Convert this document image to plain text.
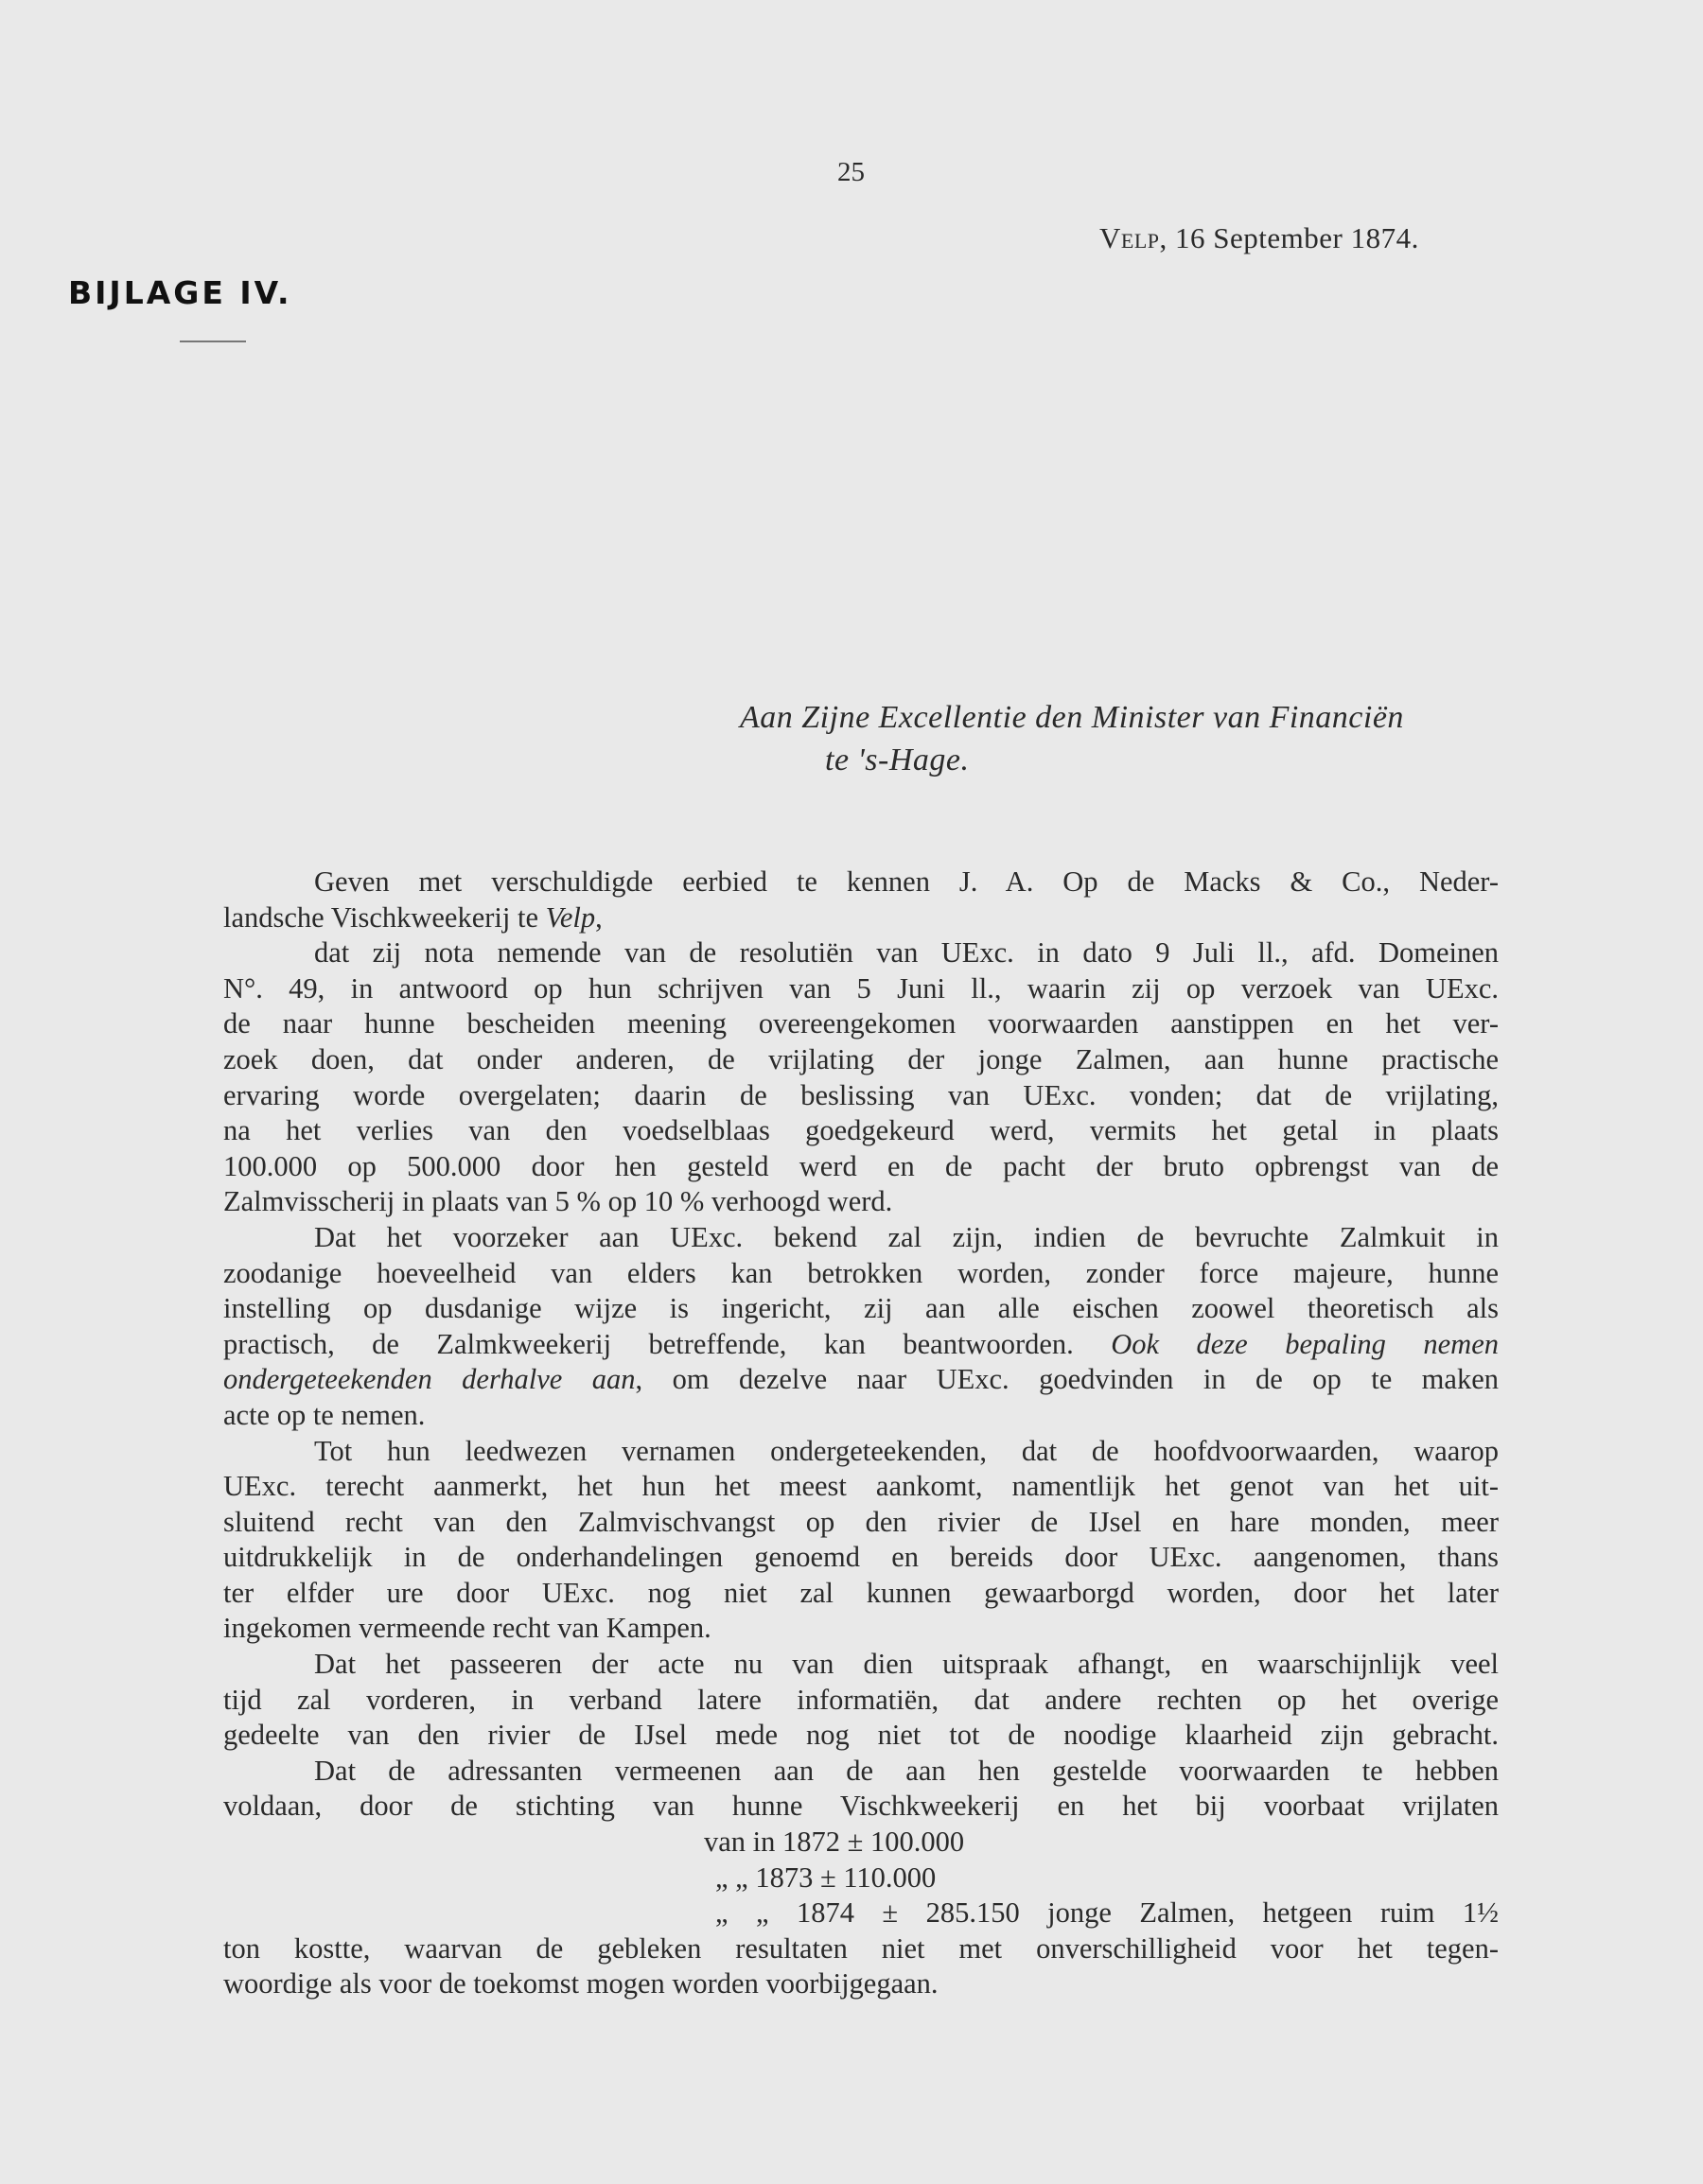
25
Velp, 16 September 1874.
BIJLAGE IV.
Aan Zijne Excellentie den Minister van Financiën
te 's-Hage.
Geven met verschuldigde eerbied te kennen J. A. Op de Macks & Co., Neder-
landsche Vischkweekerij te Velp,
dat zij nota nemende van de resolutiën van UExc. in dato 9 Juli ll., afd. Domeinen
N°. 49, in antwoord op hun schrijven van 5 Juni ll., waarin zij op verzoek van UExc.
de naar hunne bescheiden meening overeengekomen voorwaarden aanstippen en het ver-
zoek doen, dat onder anderen, de vrijlating der jonge Zalmen, aan hunne practische
ervaring worde overgelaten; daarin de beslissing van UExc. vonden; dat de vrijlating,
na het verlies van den voedselblaas goedgekeurd werd, vermits het getal in plaats
100.000 op 500.000 door hen gesteld werd en de pacht der bruto opbrengst van de
Zalmvisscherij in plaats van 5 % op 10 % verhoogd werd.
Dat het voorzeker aan UExc. bekend zal zijn, indien de bevruchte Zalmkuit in
zoodanige hoeveelheid van elders kan betrokken worden, zonder force majeure, hunne
instelling op dusdanige wijze is ingericht, zij aan alle eischen zoowel theoretisch als
practisch, de Zalmkweekerij betreffende, kan beantwoorden. Ook deze bepaling nemen
ondergeteekenden derhalve aan, om dezelve naar UExc. goedvinden in de op te maken
acte op te nemen.
Tot hun leedwezen vernamen ondergeteekenden, dat de hoofdvoorwaarden, waarop
UExc. terecht aanmerkt, het hun het meest aankomt, namentlijk het genot van het uit-
sluitend recht van den Zalmvischvangst op den rivier de IJsel en hare monden, meer
uitdrukkelijk in de onderhandelingen genoemd en bereids door UExc. aangenomen, thans
ter elfder ure door UExc. nog niet zal kunnen gewaarborgd worden, door het later
ingekomen vermeende recht van Kampen.
Dat het passeeren der acte nu van dien uitspraak afhangt, en waarschijnlijk veel
tijd zal vorderen, in verband latere informatiën, dat andere rechten op het overige
gedeelte van den rivier de IJsel mede nog niet tot de noodige klaarheid zijn gebracht.
Dat de adressanten vermeenen aan de aan hen gestelde voorwaarden te hebben
voldaan, door de stichting van hunne Vischkweekerij en het bij voorbaat vrijlaten
van in 1872 ± 100.000
„ „ 1873 ± 110.000
„ „ 1874 ± 285.150 jonge Zalmen, hetgeen ruim 1½
ton kostte, waarvan de gebleken resultaten niet met onverschilligheid voor het tegen-
woordige als voor de toekomst mogen worden voorbijgegaan.
